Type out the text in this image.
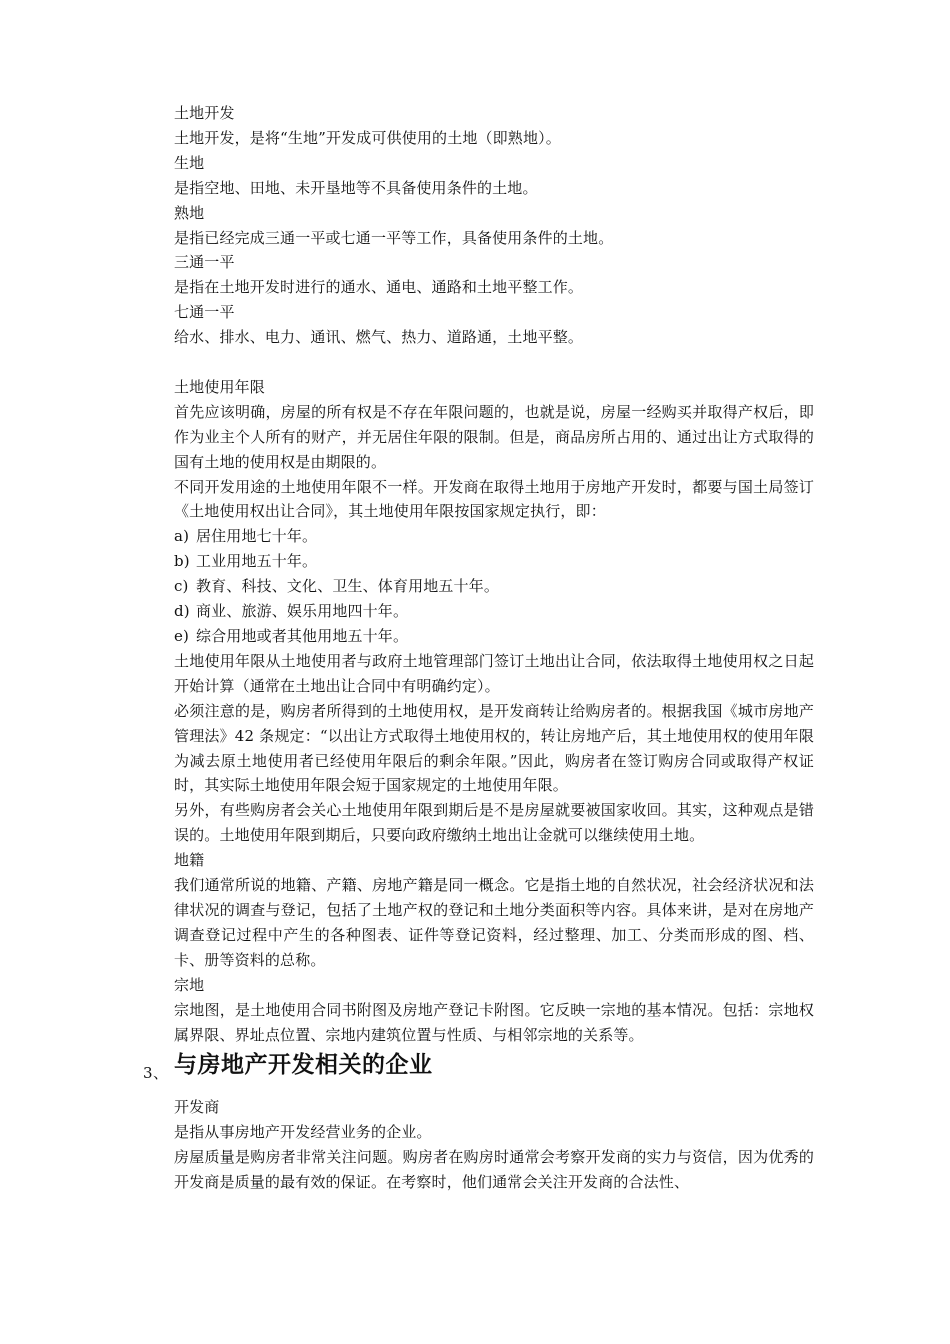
土地开发

土地开发，是将“生地”开发成可供使用的土地（即熟地）。

生地

是指空地、田地、未开垦地等不具备使用条件的土地。

熟地

是指已经完成三通一平或七通一平等工作，具备使用条件的土地。

三通一平

是指在土地开发时进行的通水、通电、通路和土地平整工作。

七通一平

给水、排水、电力、通讯、燃气、热力、道路通，土地平整。

土地使用年限

首先应该明确，房屋的所有权是不存在年限问题的，也就是说，房屋一经购买并取得产权后，即作为业主个人所有的财产，并无居住年限的限制。但是，商品房所占用的、通过出让方式取得的国有土地的使用权是由期限的。

不同开发用途的土地使用年限不一样。开发商在取得土地用于房地产开发时，都要与国土局签订《土地使用权出让合同》，其土地使用年限按国家规定执行，即：

a) 居住用地七十年。
b) 工业用地五十年。
c) 教育、科技、文化、卫生、体育用地五十年。
d) 商业、旅游、娱乐用地四十年。
e) 综合用地或者其他用地五十年。

土地使用年限从土地使用者与政府土地管理部门签订土地出让合同，依法取得土地使用权之日起开始计算（通常在土地出让合同中有明确约定）。

必须注意的是，购房者所得到的土地使用权，是开发商转让给购房者的。根据我国《城市房地产管理法》42 条规定：“以出让方式取得土地使用权的，转让房地产后，其土地使用权的使用年限为减去原土地使用者已经使用年限后的剩余年限。”因此，购房者在签订购房合同或取得产权证时，其实际土地使用年限会短于国家规定的土地使用年限。

另外，有些购房者会关心土地使用年限到期后是不是房屋就要被国家收回。其实，这种观点是错误的。土地使用年限到期后，只要向政府缴纳土地出让金就可以继续使用土地。

地籍

我们通常所说的地籍、产籍、房地产籍是同一概念。它是指土地的自然状况，社会经济状况和法律状况的调查与登记，包括了土地产权的登记和土地分类面积等内容。具体来讲，是对在房地产调查登记过程中产生的各种图表、证件等登记资料，经过整理、加工、分类而形成的图、档、卡、册等资料的总称。

宗地

宗地图，是土地使用合同书附图及房地产登记卡附图。它反映一宗地的基本情况。包括：宗地权属界限、界址点位置、宗地内建筑位置与性质、与相邻宗地的关系等。

3、 与房地产开发相关的企业

开发商

是指从事房地产开发经营业务的企业。

房屋质量是购房者非常关注问题。购房者在购房时通常会考察开发商的实力与资信，因为优秀的开发商是质量的最有效的保证。在考察时，他们通常会关注开发商的合法性、
